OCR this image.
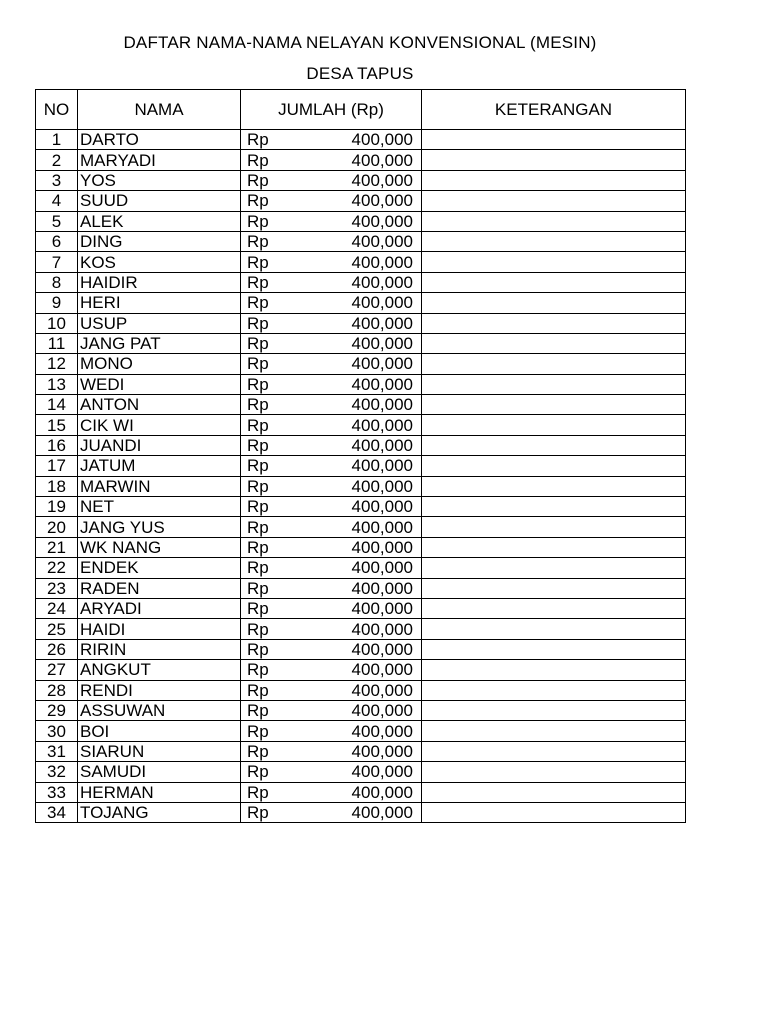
DAFTAR NAMA-NAMA NELAYAN KONVENSIONAL (MESIN)
DESA TAPUS
NO	NAMA	JUMLAH (Rp)	KETERANGAN
1	DARTO	Rp 400,000	

2	MARYADI	Rp 400,000	

3	YOS	Rp 400,000	

4	SUUD	Rp 400,000	

5	ALEK	Rp 400,000	

6	DING	Rp 400,000	

7	KOS	Rp 400,000	

8	HAIDIR	Rp 400,000	

9	HERI	Rp 400,000	

10	USUP	Rp 400,000	

11	JANG PAT	Rp 400,000	

12	MONO	Rp 400,000	

13	WEDI	Rp 400,000	

14	ANTON	Rp 400,000	

15	CIK WI	Rp 400,000	

16	JUANDI	Rp 400,000	

17	JATUM	Rp 400,000	

18	MARWIN	Rp 400,000	

19	NET	Rp 400,000	

20	JANG YUS	Rp 400,000	

21	WK NANG	Rp 400,000	

22	ENDEK	Rp 400,000	

23	RADEN	Rp 400,000	

24	ARYADI	Rp 400,000	

25	HAIDI	Rp 400,000	

26	RIRIN	Rp 400,000	

27	ANGKUT	Rp 400,000	

28	RENDI	Rp 400,000	

29	ASSUWAN	Rp 400,000	

30	BOI	Rp 400,000	

31	SIARUN	Rp 400,000	

32	SAMUDI	Rp 400,000	

33	HERMAN	Rp 400,000	

34	TOJANG	Rp 400,000	
